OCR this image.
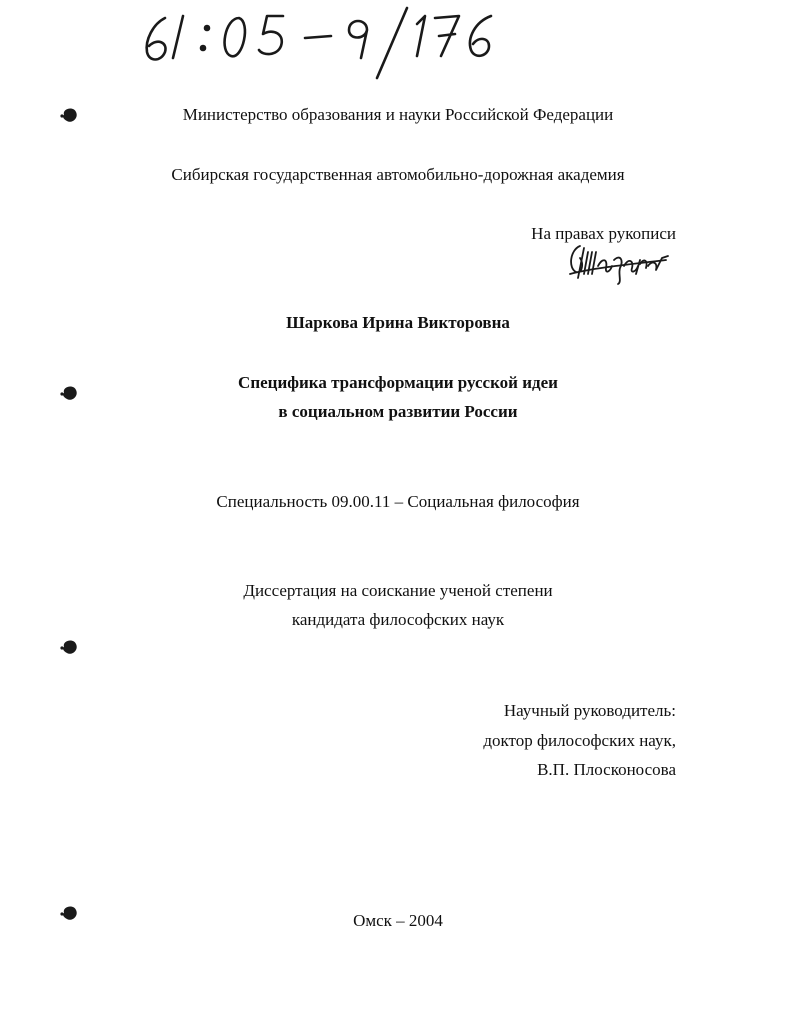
Министерство образования и науки Российской Федерации
Сибирская государственная автомобильно-дорожная академия
На правах рукописи
Шаркова Ирина Викторовна
Специфика трансформации русской идеи
в социальном развитии России
Специальность 09.00.11 – Социальная философия
Диссертация на соискание ученой степени
кандидата философских наук
Научный руководитель:
доктор философских наук,
В.П. Плосконосова
Омск – 2004
